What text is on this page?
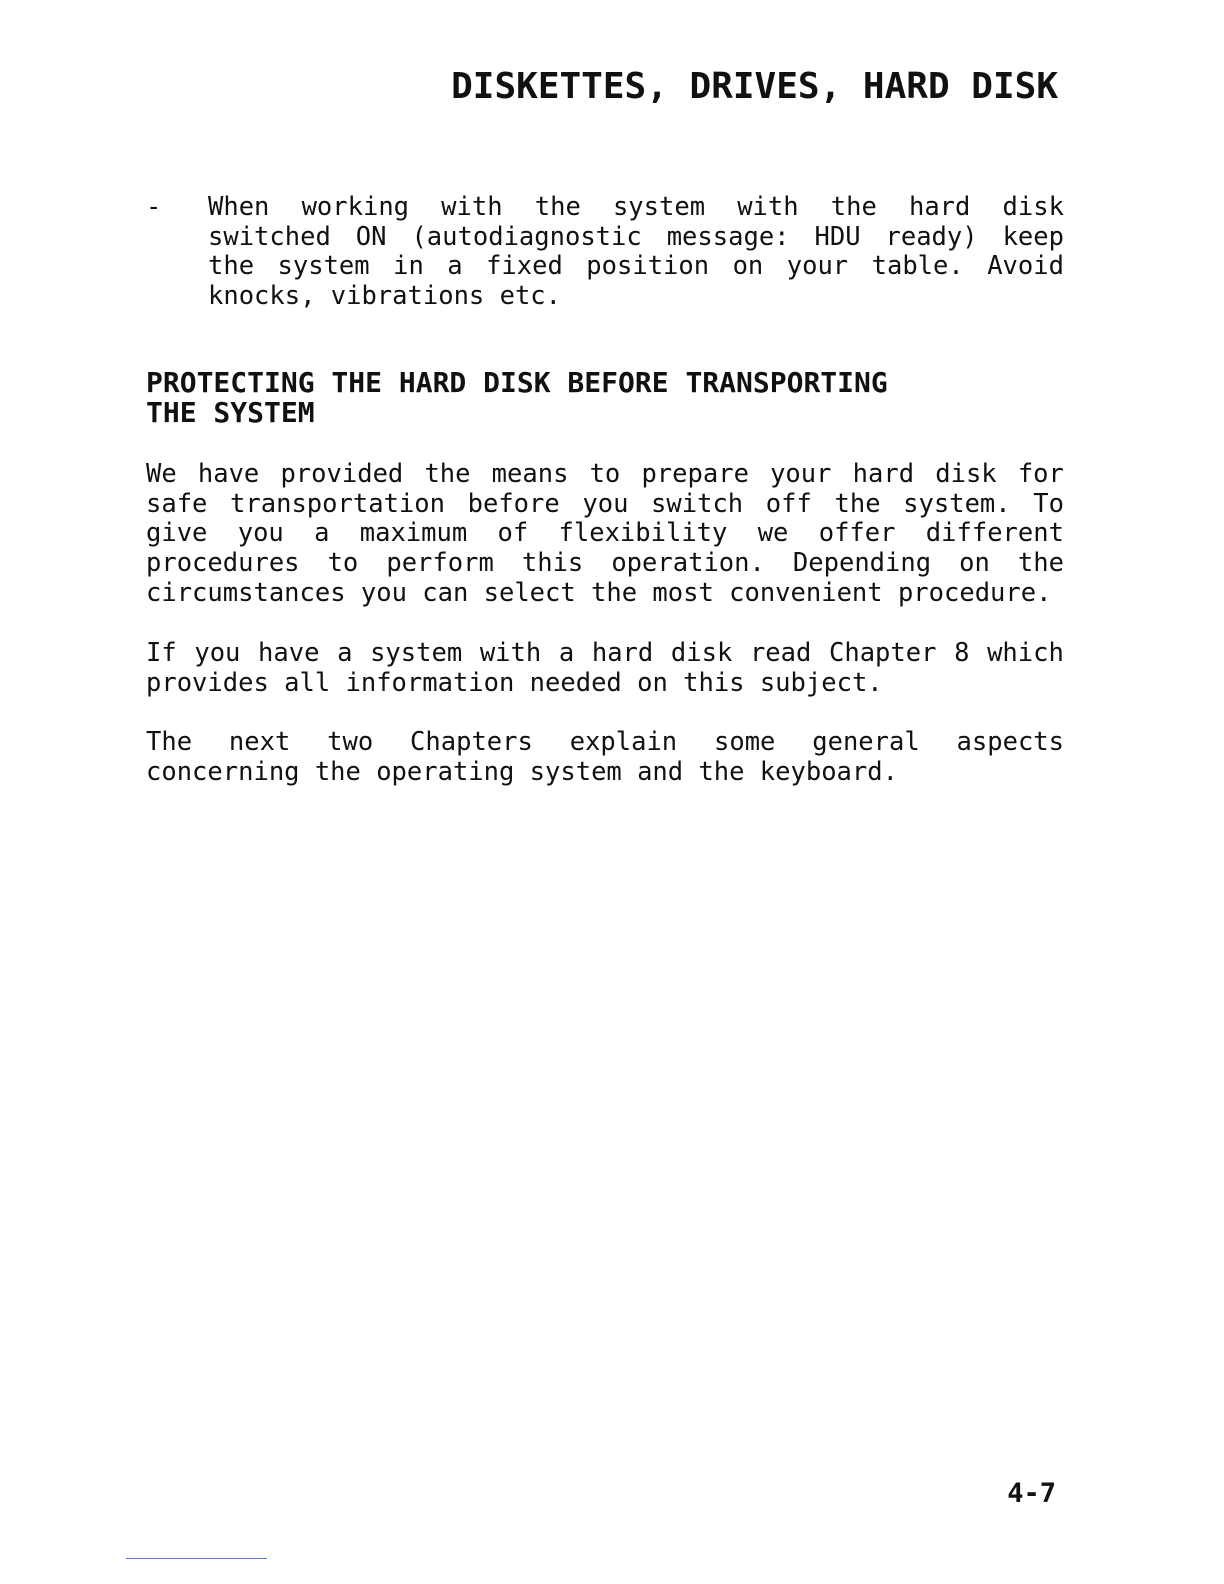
DISKETTES, DRIVES, HARD DISK
- When working with the system with the hard disk
switched ON (autodiagnostic message: HDU ready) keep
the system in a fixed position on your table. Avoid
knocks, vibrations etc.
PROTECTING THE HARD DISK BEFORE TRANSPORTING
THE SYSTEM
We have provided the means to prepare your hard disk for
safe transportation before you switch off the system. To
give you a maximum of flexibility we offer different
procedures to perform this operation. Depending on the
circumstances you can select the most convenient procedure.
If you have a system with a hard disk read Chapter 8 which
provides all information needed on this subject.
The next two Chapters explain some general aspects
concerning the operating system and the keyboard.
4-7
